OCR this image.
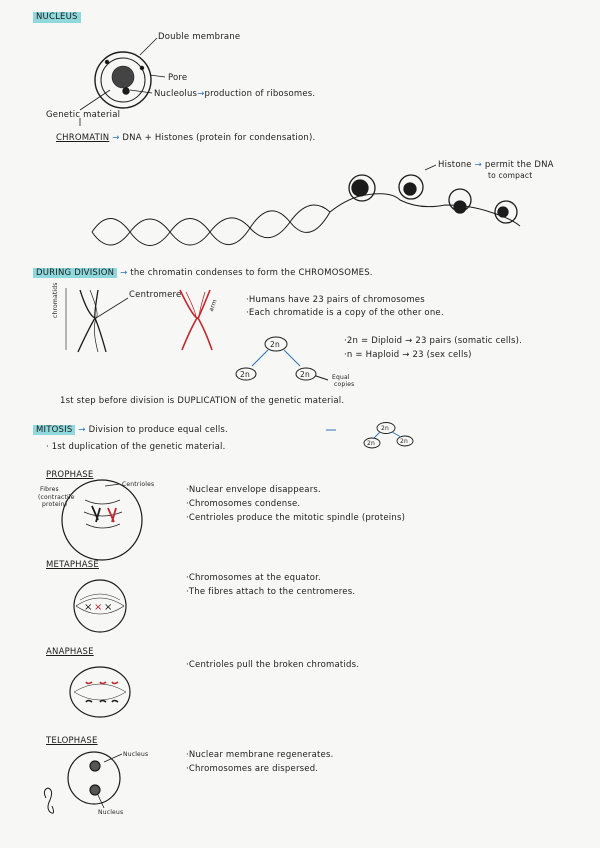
× × ×
NUCLEUS
Double membrane
Pore
Nucleolus→production of ribosomes.
Genetic material
CHROMATIN → DNA + Histones (protein for condensation).
Histone → permit the DNA
to compact
DURING DIVISION → the chromatin condenses to form the CHROMOSOMES.
chromatids	Centromere
arm	·Humans have 23 pairs of chromosomes
·Each chromatide is a copy of the other one.
2n
2n	2n
·2n = Diploid → 23 pairs (somatic cells).
·n = Haploid → 23 (sex cells)
Equal
copies
1st step before division is DUPLICATION of the genetic material.
MITOSIS → Division to produce equal cells.
· 1st duplication of the genetic material.
2n
2n	2n
PROPHASE
Fibres
(contractile
protein)
Centrioles
·Nuclear envelope disappears.
·Chromosomes condense.
·Centrioles produce the mitotic spindle (proteins)
METAPHASE
·Chromosomes at the equator.
·The fibres attach to the centromeres.
ANAPHASE
·Centrioles pull the broken chromatids.
TELOPHASE
Nucleus
Nucleus
·Nuclear membrane regenerates.
·Chromosomes are dispersed.
